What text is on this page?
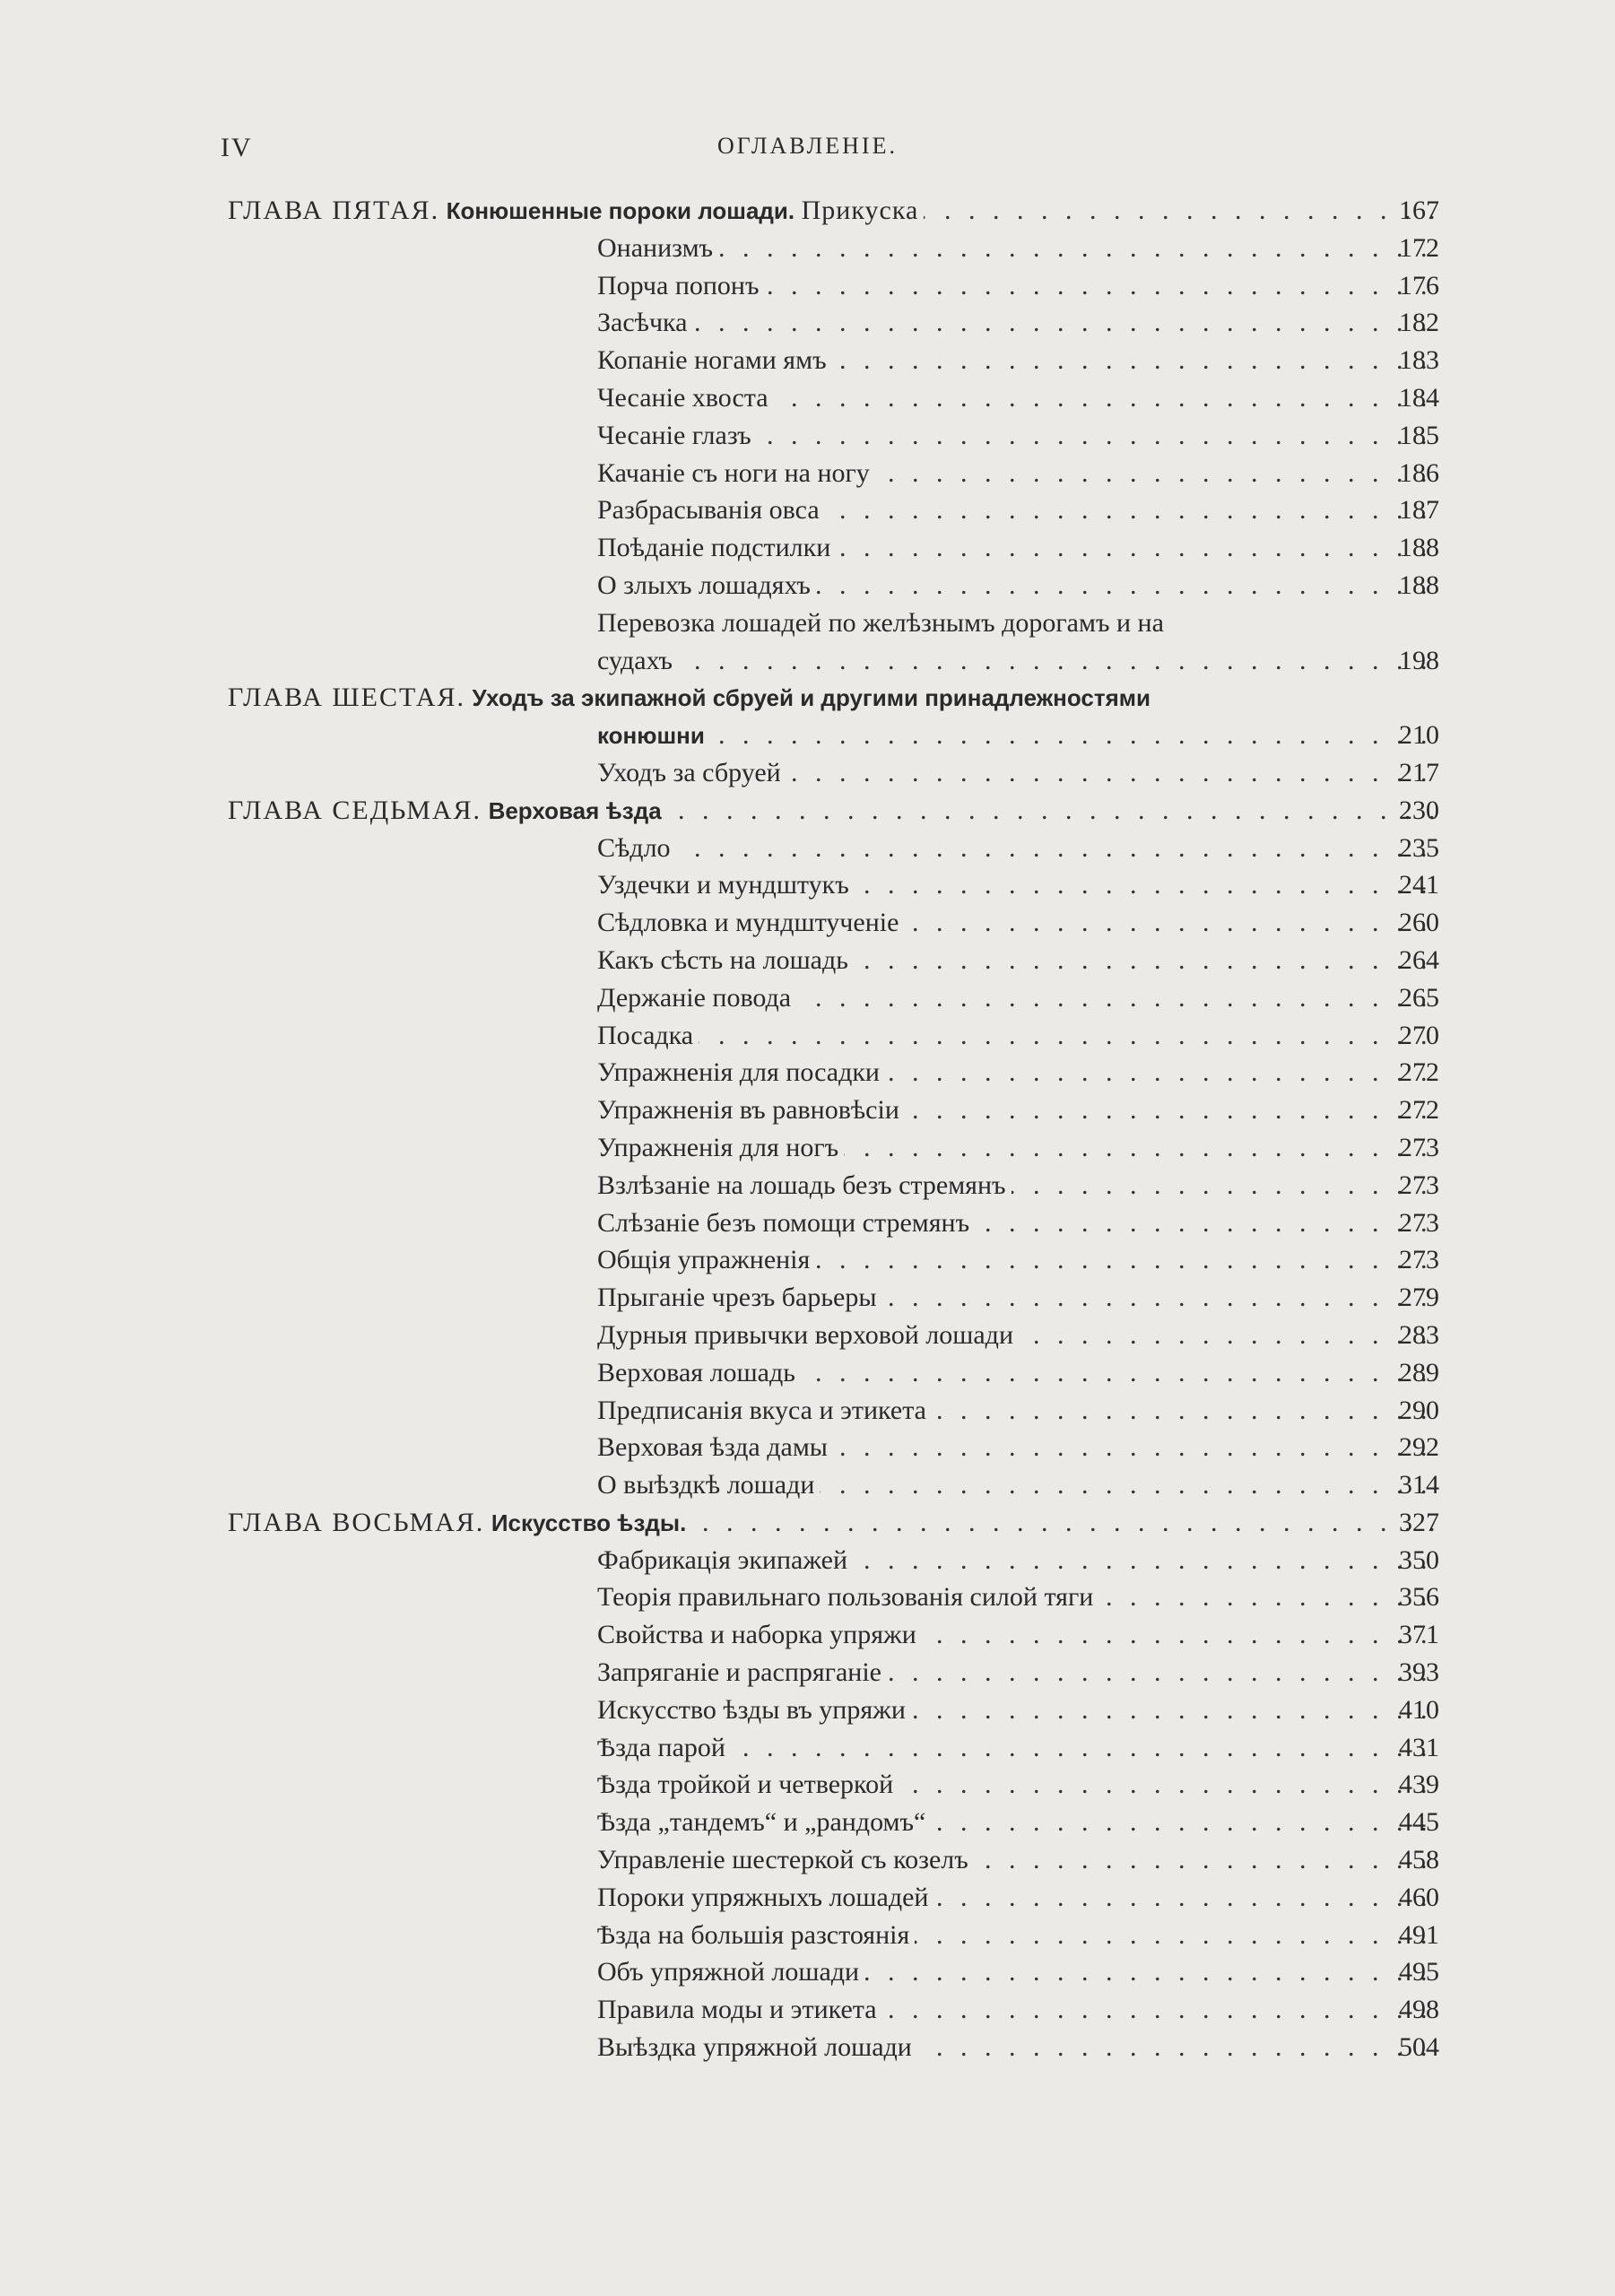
IV	ОГЛАВЛЕНIЕ.
ГЛАВА ПЯТАЯ. Конюшенные пороки лошади. Прикуска . . .	167
Онанизмъ . . .	172
Порча попонъ . . .	176
Засѣчка . . .	182
Копанiе ногами ямъ . . .	183
Чесанiе хвоста . . .	184
Чесанiе глазъ . . .	185
Качанiе съ ноги на ногу . . .	186
Разбрасыванiя овса . . .	187
Поѣданiе подстилки . . .	188
О злыхъ лошадяхъ . . .	188
Перевозка лошадей по желѣзнымъ дорогамъ и на
судахъ . . .	198
ГЛАВА ШЕСТАЯ. Уходъ за экипажной сбруей и другими принадлежностями
конюшни . . .	210
Уходъ за сбруей . . .	217
ГЛАВА СЕДЬМАЯ. Верховая ѣзда . . .	230
Сѣдло . . .	235
Уздечки и мундштукъ . . .	241
Сѣдловка и мундштученiе . . .	260
Какъ сѣсть на лошадь . . .	264
Держанiе повода . . .	265
Посадка . . .	270
Упражненiя для посадки . . .	272
Упражненiя въ равновѣсiи . . .	272
Упражненiя для ногъ . . .	273
Взлѣзанiе на лошадь безъ стремянъ . . .	273
Слѣзанiе безъ помощи стремянъ . . .	273
Общiя упражненiя . . .	273
Прыганiе чрезъ барьеры . . .	279
Дурныя привычки верховой лошади . . .	283
Верховая лошадь . . .	289
Предписанiя вкуса и этикета . . .	290
Верховая ѣзда дамы . . .	292
О выѣздкѣ лошади . . .	314
ГЛАВА ВОСЬМАЯ. Искусство ѣзды. . . .	327
Фабрикацiя экипажей . . .	350
Теорiя правильнаго пользованiя силой тяги . . .	356
Свойства и наборка упряжи . . .	371
Запряганiе и распряганiе . . .	393
Искусство ѣзды въ упряжи . . .	410
Ѣзда парой . . .	431
Ѣзда тройкой и четверкой . . .	439
Ѣзда „тандемъ“ и „рандомъ“ . . .	445
Управленiе шестеркой съ козелъ . . .	458
Пороки упряжныхъ лошадей . . .	460
Ѣзда на большiя разстоянiя . . .	491
Объ упряжной лошади . . .	495
Правила моды и этикета . . .	498
Выѣздка упряжной лошади . . .	504
